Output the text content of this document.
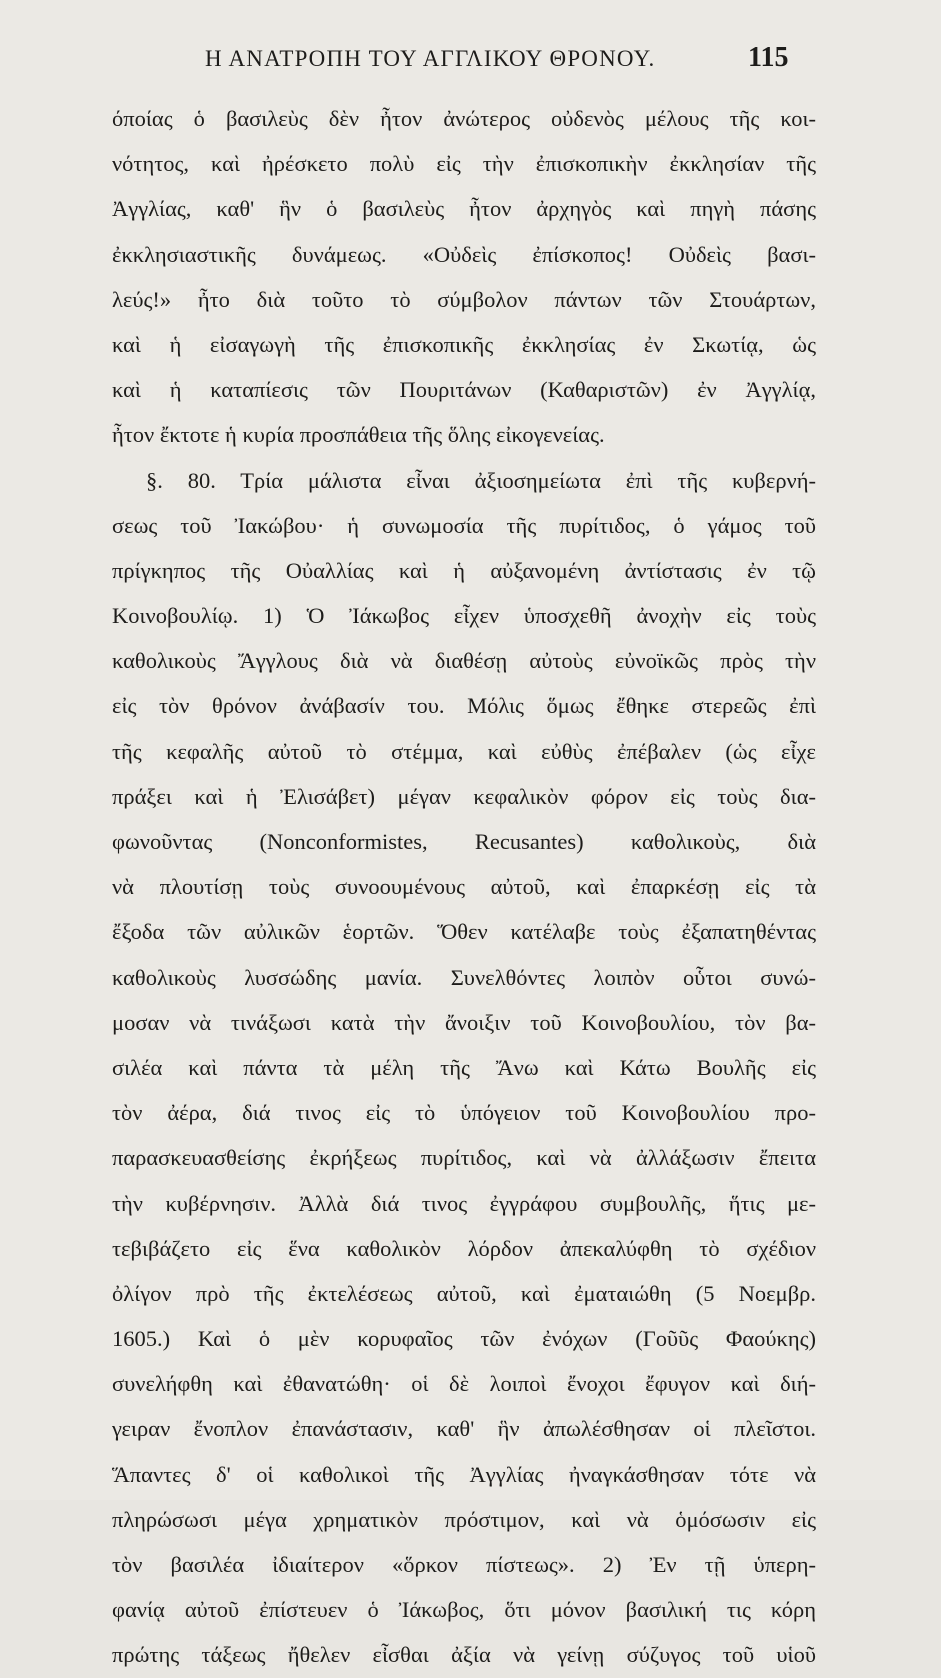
Η ΑΝΑΤΡΟΠΗ ΤΟΥ ΑΓΓΛΙΚΟΥ ΘΡΟΝΟΥ.	115
όποίας ὁ βασιλεὺς δὲν ἦτον ἀνώτερος οὐδενὸς μέλους τῆς κοι-
νότητος, καὶ ἠρέσκετο πολὺ εἰς τὴν ἐπισκοπικὴν ἐκκλησίαν τῆς
Ἀγγλίας, καθ' ἣν ὁ βασιλεὺς ἦτον ἀρχηγὸς καὶ πηγὴ πάσης
ἐκκλησιαστικῆς δυνάμεως. «Οὐδεὶς ἐπίσκοπος! Οὐδεὶς βασι-
λεύς!» ἦτο διὰ τοῦτο τὸ σύμβολον πάντων τῶν Στουάρτων,
καὶ ἡ εἰσαγωγὴ τῆς ἐπισκοπικῆς ἐκκλησίας ἐν Σκωτίᾳ, ὡς
καὶ ἡ καταπίεσις τῶν Πουριτάνων (Καθαριστῶν) ἐν Ἀγγλίᾳ,
ἦτον ἔκτοτε ἡ κυρία προσπάθεια τῆς ὅλης εἰκογενείας.
§. 80. Τρία μάλιστα εἶναι ἀξιοσημείωτα ἐπὶ τῆς κυβερνή-
σεως τοῦ Ἰακώβου· ἡ συνωμοσία τῆς πυρίτιδος, ὁ γάμος τοῦ
πρίγκηπος τῆς Οὐαλλίας καὶ ἡ αὐξανομένη ἀντίστασις ἐν τῷ
Κοινοβουλίῳ. 1) Ὁ Ἰάκωβος εἶχεν ὑποσχεθῆ ἀνοχὴν εἰς τοὺς
καθολικοὺς Ἄγγλους διὰ νὰ διαθέσῃ αὐτοὺς εὐνοϊκῶς πρὸς τὴν
εἰς τὸν θρόνον ἀνάβασίν του. Μόλις ὅμως ἔθηκε στερεῶς ἐπὶ
τῆς κεφαλῆς αὐτοῦ τὸ στέμμα, καὶ εὐθὺς ἐπέβαλεν (ὡς εἶχε
πράξει καὶ ἡ Ἐλισάβετ) μέγαν κεφαλικὸν φόρον εἰς τοὺς δια-
φωνοῦντας (Nonconformistes, Recusantes) καθολικοὺς, διὰ
νὰ πλουτίσῃ τοὺς συνοουμένους αὐτοῦ, καὶ ἐπαρκέσῃ εἰς τὰ
ἔξοδα τῶν αὐλικῶν ἑορτῶν. Ὅθεν κατέλαβε τοὺς ἐξαπατηθέντας
καθολικοὺς λυσσώδης μανία. Συνελθόντες λοιπὸν οὗτοι συνώ-
μοσαν νὰ τινάξωσι κατὰ τὴν ἄνοιξιν τοῦ Κοινοβουλίου, τὸν βα-
σιλέα καὶ πάντα τὰ μέλη τῆς Ἄνω καὶ Κάτω Βουλῆς εἰς
τὸν ἀέρα, διά τινος εἰς τὸ ὑπόγειον τοῦ Κοινοβουλίου προ-
παρασκευασθείσης ἐκρήξεως πυρίτιδος, καὶ νὰ ἀλλάξωσιν ἔπειτα
τὴν κυβέρνησιν. Ἀλλὰ διά τινος ἐγγράφου συμβουλῆς, ἥτις με-
τεβιβάζετο εἰς ἕνα καθολικὸν λόρδον ἀπεκαλύφθη τὸ σχέδιον
ὀλίγον πρὸ τῆς ἐκτελέσεως αὐτοῦ, καὶ ἐματαιώθη (5 Νοεμβρ.
1605.) Καὶ ὁ μὲν κορυφαῖος τῶν ἐνόχων (Γοῦῦς Φαούκης)
συνελήφθη καὶ ἐθανατώθη· οἱ δὲ λοιποὶ ἔνοχοι ἔφυγον καὶ διή-
γειραν ἔνοπλον ἐπανάστασιν, καθ' ἣν ἀπωλέσθησαν οἱ πλεῖστοι.
Ἅπαντες δ' οἱ καθολικοὶ τῆς Ἀγγλίας ἠναγκάσθησαν τότε νὰ
πληρώσωσι μέγα χρηματικὸν πρόστιμον, καὶ νὰ ὁμόσωσιν εἰς
τὸν βασιλέα ἰδιαίτερον «ὅρκον πίστεως». 2) Ἐν τῇ ὑπερη-
φανίᾳ αὐτοῦ ἐπίστευεν ὁ Ἰάκωβος, ὅτι μόνον βασιλική τις κόρη
πρώτης τάξεως ἤθελεν εἶσθαι ἀξία νὰ γείνῃ σύζυγος τοῦ υἱοῦ
